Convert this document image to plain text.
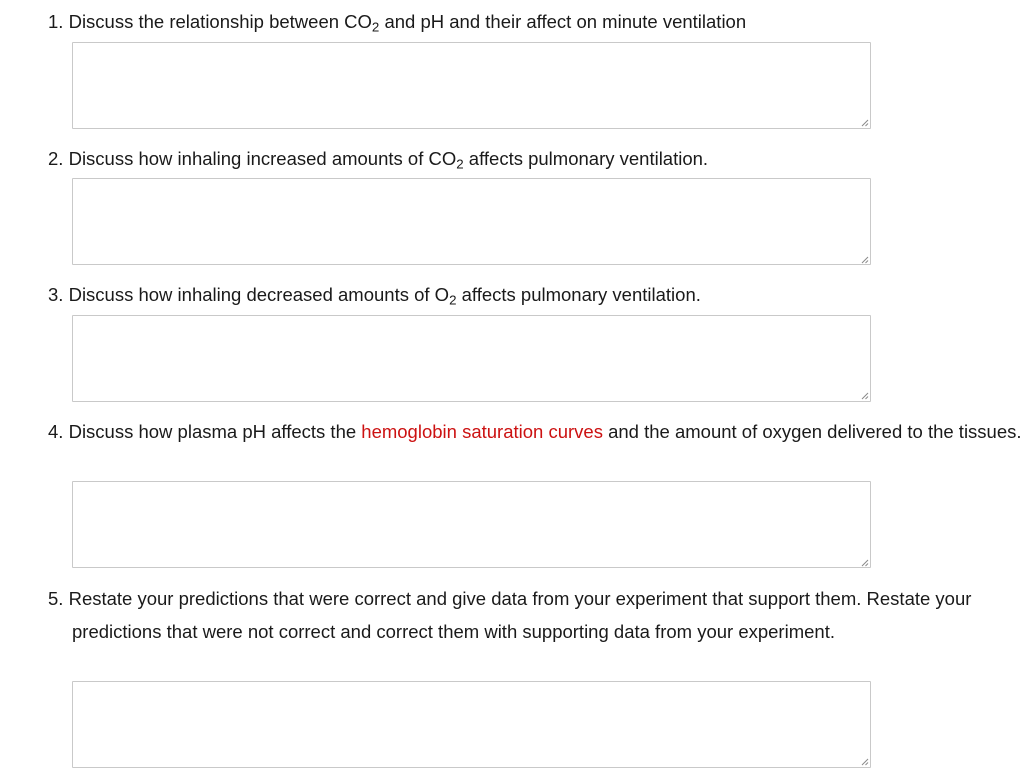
1. Discuss the relationship between $CO_2$ and pH and their affect on minute ventilation

2. Discuss how inhaling increased amounts of $CO_2$ affects pulmonary ventilation.

3. Discuss how inhaling decreased amounts of $O_2$ affects pulmonary ventilation.

4. Discuss how plasma pH affects the hemoglobin saturation curves and the amount of oxygen delivered to the tissues.

5. Restate your predictions that were correct and give data from your experiment that support them. Restate your predictions that were not correct and correct them with supporting data from your experiment.
